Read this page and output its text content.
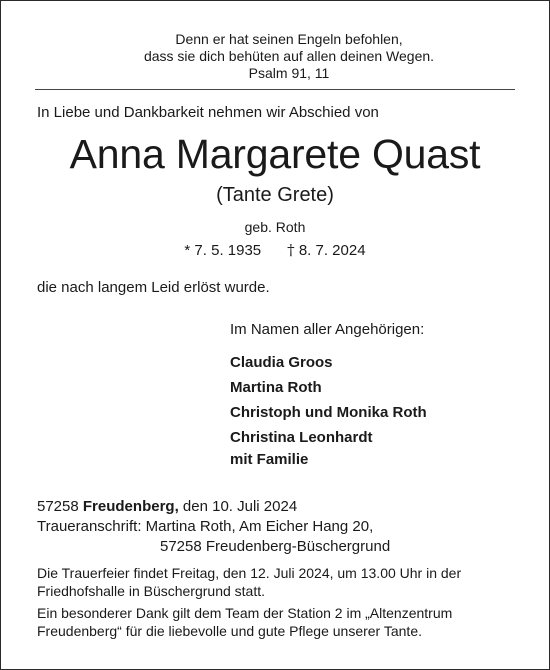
Denn er hat seinen Engeln befohlen,
dass sie dich behüten auf allen deinen Wegen.
Psalm 91, 11
In Liebe und Dankbarkeit nehmen wir Abschied von
Anna Margarete Quast
(Tante Grete)
geb. Roth
* 7. 5. 1935 † 8. 7. 2024
die nach langem Leid erlöst wurde.
Im Namen aller Angehörigen:
Claudia Groos
Martina Roth
Christoph und Monika Roth
Christina Leonhardt
mit Familie
57258 Freudenberg, den 10. Juli 2024
Traueranschrift: Martina Roth, Am Eicher Hang 20,
57258 Freudenberg-Büschergrund

Die Trauerfeier findet Freitag, den 12. Juli 2024, um 13.00 Uhr in der Friedhofshalle in Büschergrund statt.

Ein besonderer Dank gilt dem Team der Station 2 im „Altenzentrum Freudenberg“ für die liebevolle und gute Pflege unserer Tante.
